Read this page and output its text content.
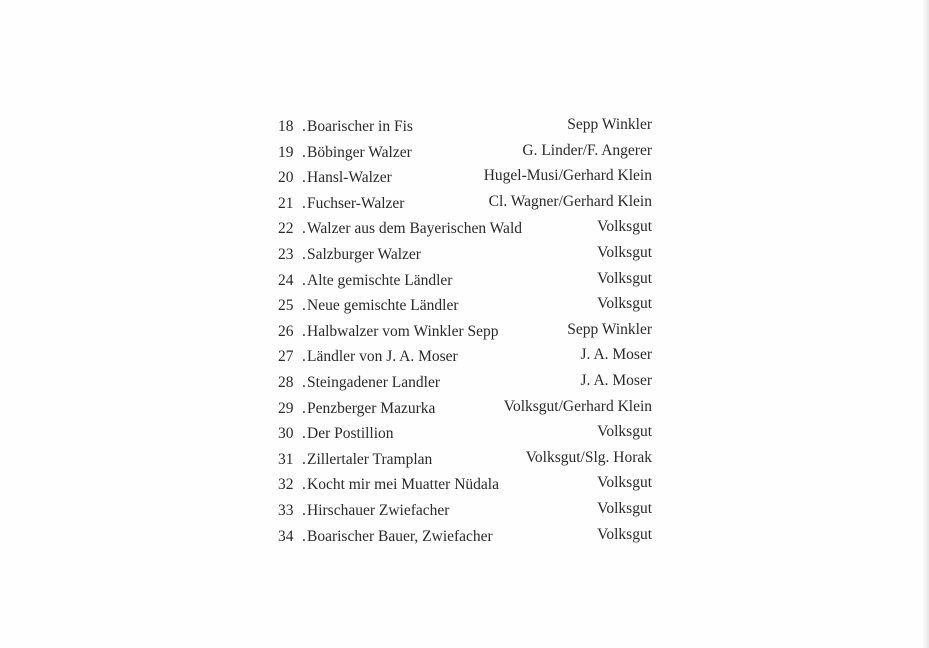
18 .Boarischer in Fis	Sepp Winkler
19 .Böbinger Walzer	G. Linder/F. Angerer
20 .Hansl-Walzer	Hugel-Musi/Gerhard Klein
21 .Fuchser-Walzer	Cl. Wagner/Gerhard Klein
22 .Walzer aus dem Bayerischen Wald	Volksgut
23 .Salzburger Walzer	Volksgut
24 .Alte gemischte Ländler	Volksgut
25 .Neue gemischte Ländler	Volksgut
26 .Halbwalzer vom Winkler Sepp	Sepp Winkler
27 .Ländler von J. A. Moser	J. A. Moser
28 .Steingadener Landler	J. A. Moser
29 .Penzberger Mazurka	Volksgut/Gerhard Klein
30 .Der Postillion	Volksgut
31 .Zillertaler Tramplan	Volksgut/Slg. Horak
32 .Kocht mir mei Muatter Nüdala	Volksgut
33 .Hirschauer Zwiefacher	Volksgut
34 .Boarischer Bauer, Zwiefacher	Volksgut
